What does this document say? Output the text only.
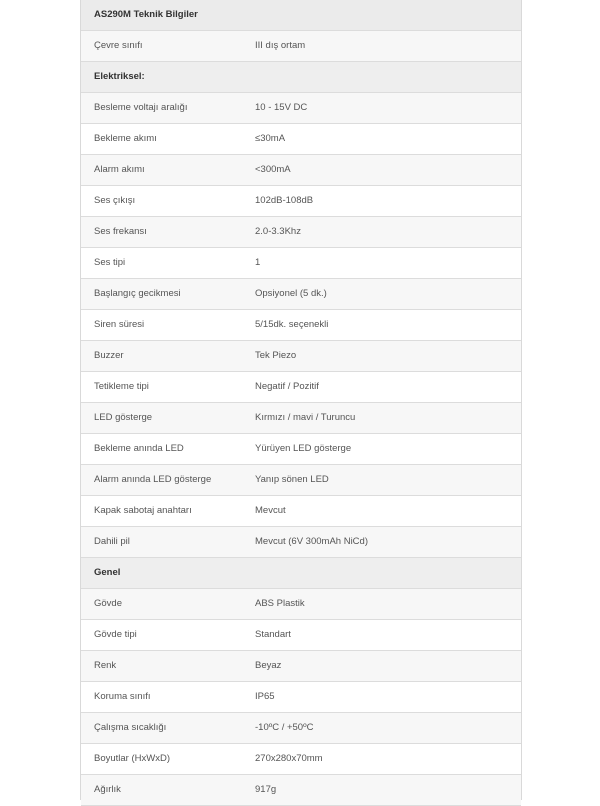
AS290M Teknik Bilgiler
Çevre sınıfı	III dış ortam
Elektriksel:
Besleme voltajı aralığı	10 - 15V DC
Bekleme akımı	≤30mA
Alarm akımı	<300mA
Ses çıkışı	102dB-108dB
Ses frekansı	2.0-3.3Khz
Ses tipi	1
Başlangıç gecikmesi	Opsiyonel (5 dk.)
Siren süresi	5/15dk. seçenekli
Buzzer	Tek Piezo
Tetikleme tipi	Negatif / Pozitif
LED gösterge	Kırmızı / mavi / Turuncu
Bekleme anında LED	Yürüyen LED gösterge
Alarm anında LED gösterge	Yanıp sönen LED
Kapak sabotaj anahtarı	Mevcut
Dahili pil	Mevcut (6V 300mAh NiCd)
Genel
Gövde	ABS Plastik
Gövde tipi	Standart
Renk	Beyaz
Koruma sınıfı	IP65
Çalışma sıcaklığı	-10ºC / +50ºC
Boyutlar (HxWxD)	270x280x70mm
Ağırlık	917g
